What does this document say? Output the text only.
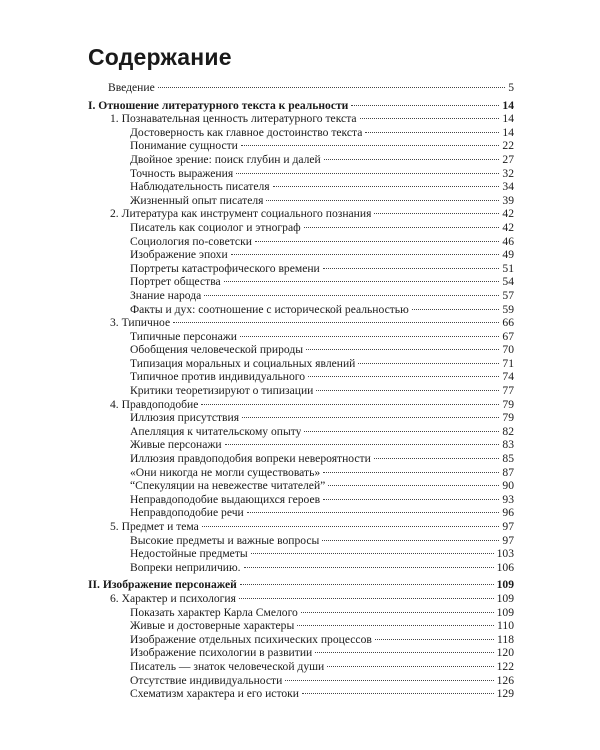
Содержание
Введение	5
I. Отношение литературного текста к реальности	14
1. Познавательная ценность литературного текста	14
Достоверность как главное достоинство текста	14
Понимание сущности	22
Двойное зрение: поиск глубин и далей	27
Точность выражения	32
Наблюдательность писателя	34
Жизненный опыт писателя	39
2. Литература как инструмент социального познания	42
Писатель как социолог и этнограф	42
Социология по-советски	46
Изображение эпохи	49
Портреты катастрофического времени	51
Портрет общества	54
Знание народа	57
Факты и дух: соотношение с исторической реальностью	59
3. Типичное	66
Типичные персонажи	67
Обобщения человеческой природы	70
Типизация моральных и социальных явлений	71
Типичное против индивидуального	74
Критики теоретизируют о типизации	77
4. Правдоподобие	79
Иллюзия присутствия	79
Апелляция к читательскому опыту	82
Живые персонажи	83
Иллюзия правдоподобия вопреки невероятности	85
«Они никогда не могли существовать»	87
“Спекуляции на невежестве читателей”	90
Неправдоподобие выдающихся героев	93
Неправдоподобие речи	96
5. Предмет и тема	97
Высокие предметы и важные вопросы	97
Недостойные предметы	103
Вопреки неприличию.	106
II. Изображение персонажей	109
6. Характер и психология	109
Показать характер Карла Смелого	109
Живые и достоверные характеры	110
Изображение отдельных психических процессов	118
Изображение психологии в развитии	120
Писатель — знаток человеческой души	122
Отсутствие индивидуальности	126
Схематизм характера и его истоки	129
